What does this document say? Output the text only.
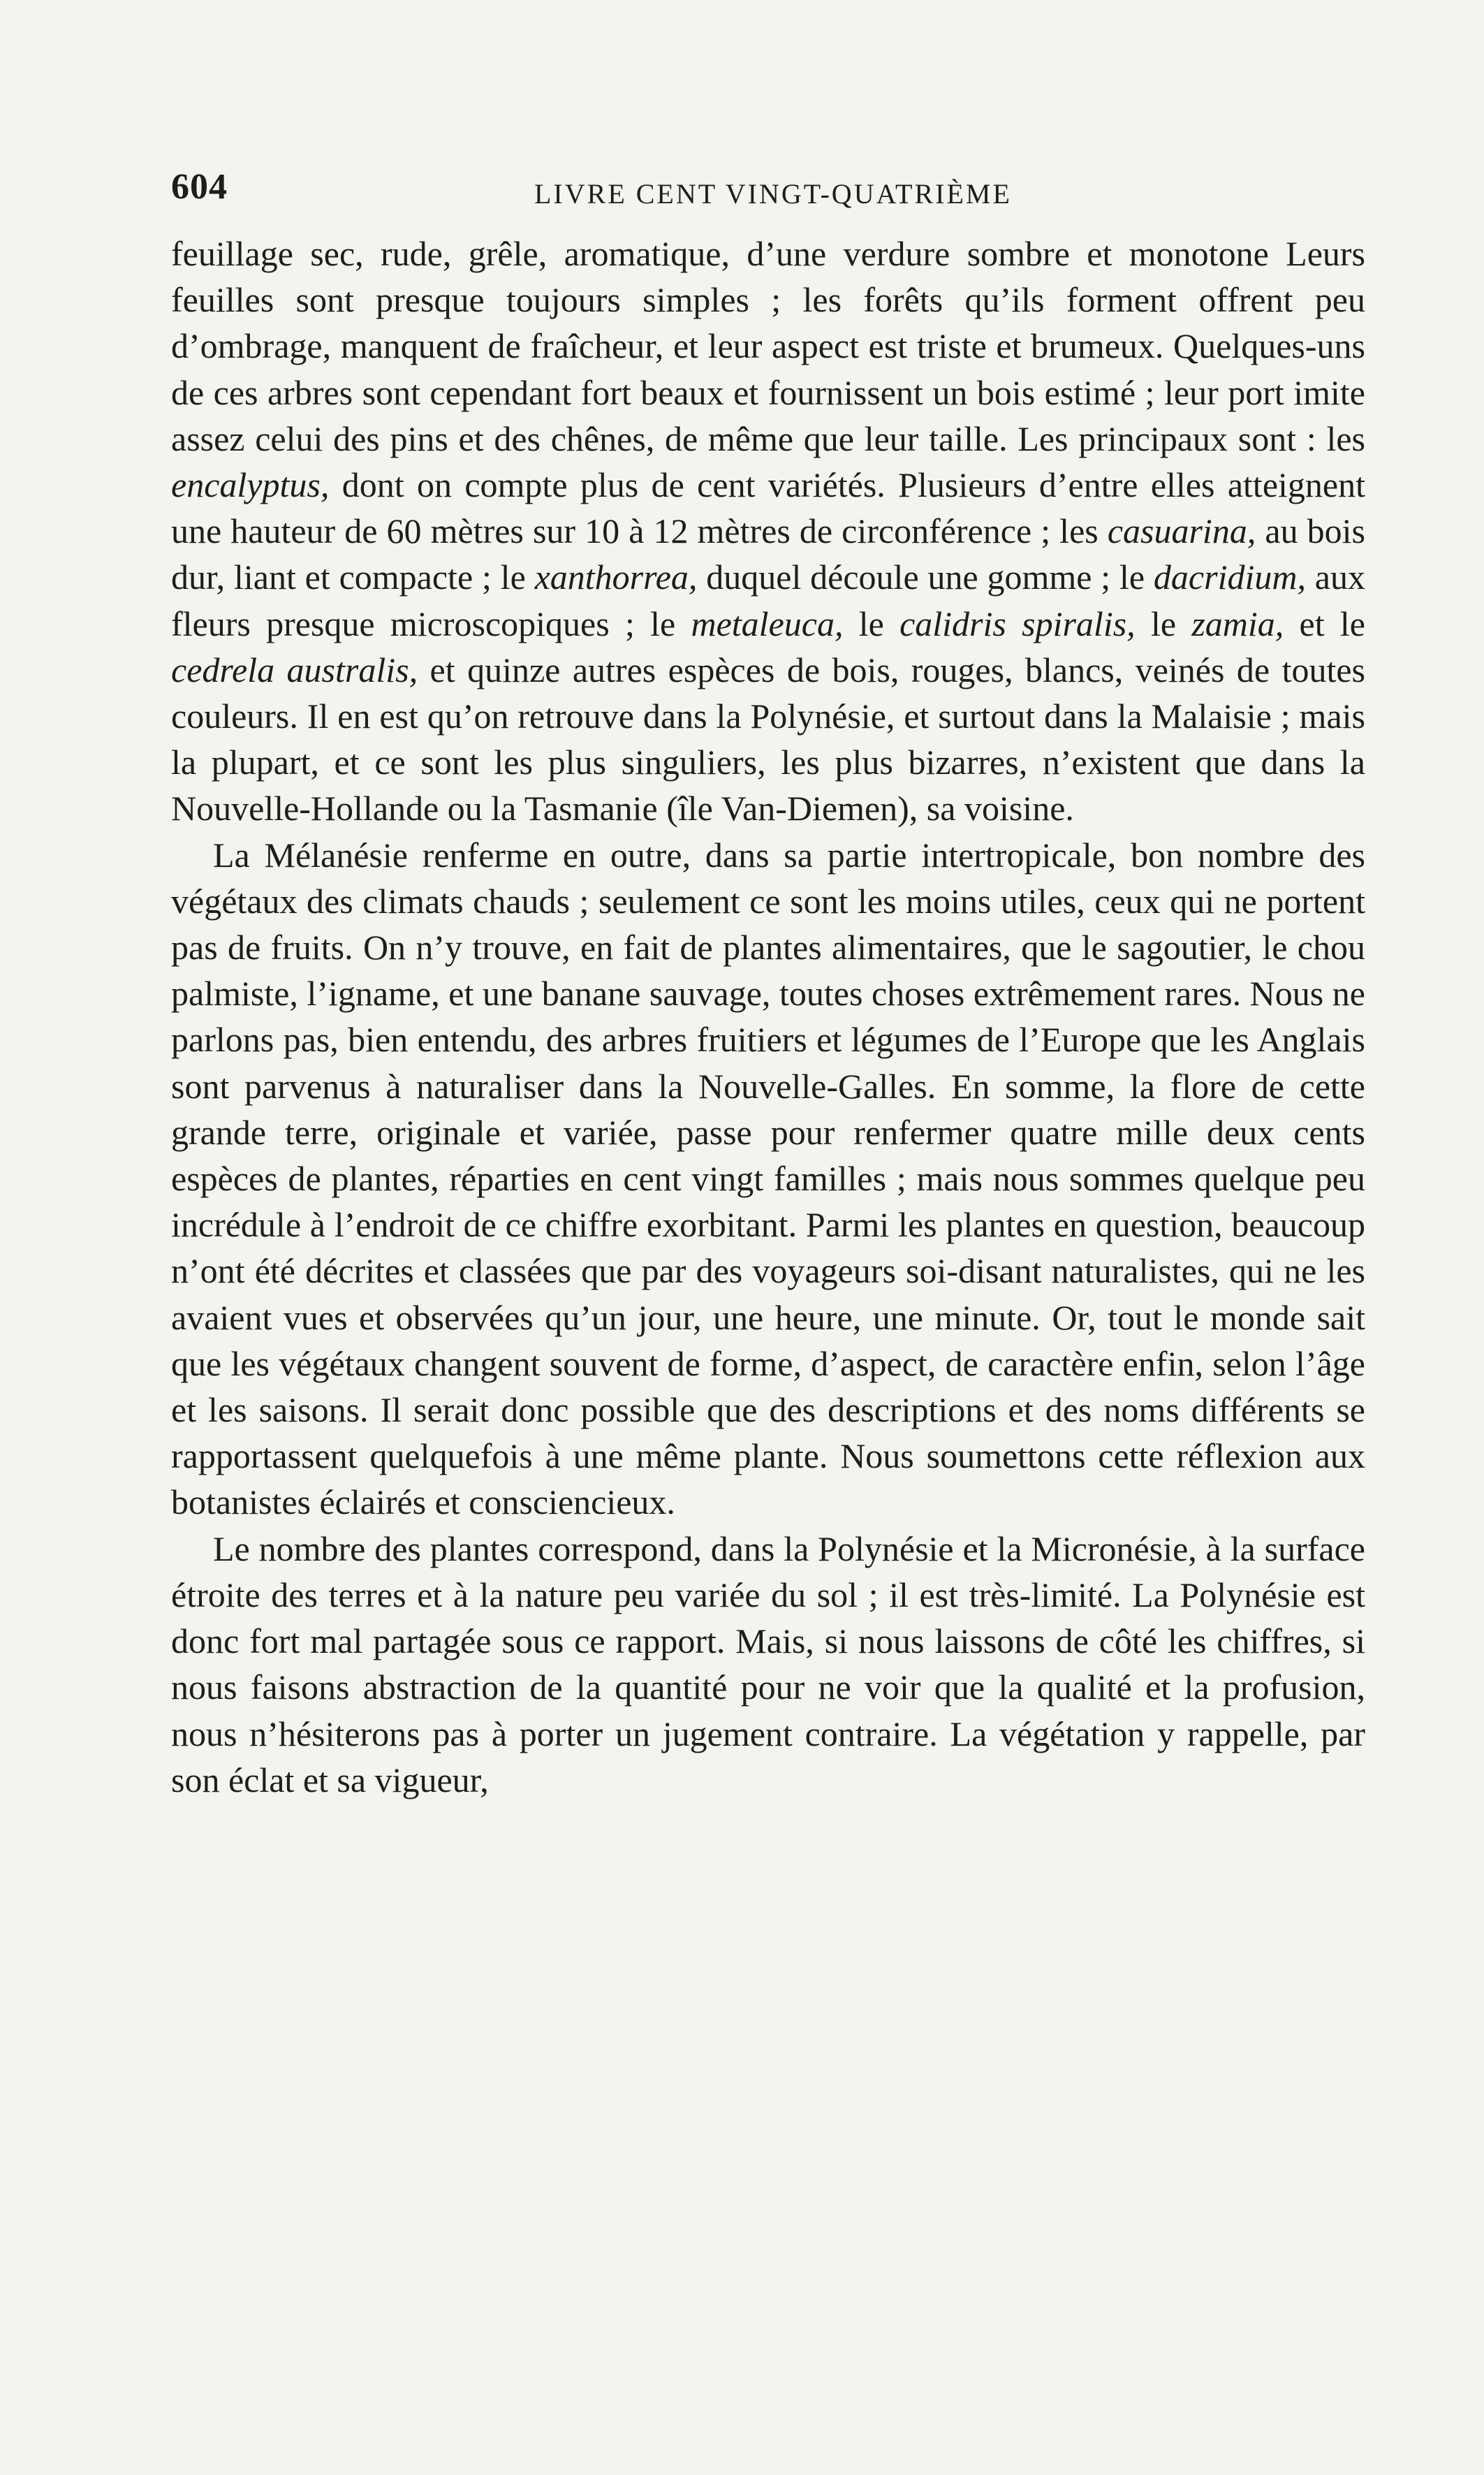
604	LIVRE CENT VINGT-QUATRIÈME

feuillage sec, rude, grêle, aromatique, d’une verdure sombre et monotone Leurs feuilles sont presque toujours simples ; les forêts qu’ils forment offrent peu d’ombrage, manquent de fraîcheur, et leur aspect est triste et brumeux. Quelques-uns de ces arbres sont cependant fort beaux et fournissent un bois estimé ; leur port imite assez celui des pins et des chênes, de même que leur taille. Les principaux sont : les encalyptus, dont on compte plus de cent variétés. Plusieurs d’entre elles atteignent une hauteur de 60 mètres sur 10 à 12 mètres de circonférence ; les casuarina, au bois dur, liant et compacte ; le xanthorrea, duquel découle une gomme ; le dacridium, aux fleurs presque microscopiques ; le metaleuca, le calidris spiralis, le zamia, et le cedrela australis, et quinze autres espèces de bois, rouges, blancs, veinés de toutes couleurs. Il en est qu’on retrouve dans la Polynésie, et surtout dans la Malaisie ; mais la plupart, et ce sont les plus singuliers, les plus bizarres, n’existent que dans la Nouvelle-Hollande ou la Tasmanie (île Van-Diemen), sa voisine.

La Mélanésie renferme en outre, dans sa partie intertropicale, bon nombre des végétaux des climats chauds ; seulement ce sont les moins utiles, ceux qui ne portent pas de fruits. On n’y trouve, en fait de plantes alimentaires, que le sagoutier, le chou palmiste, l’igname, et une banane sauvage, toutes choses extrêmement rares. Nous ne parlons pas, bien entendu, des arbres fruitiers et légumes de l’Europe que les Anglais sont parvenus à naturaliser dans la Nouvelle-Galles. En somme, la flore de cette grande terre, originale et variée, passe pour renfermer quatre mille deux cents espèces de plantes, réparties en cent vingt familles ; mais nous sommes quelque peu incrédule à l’endroit de ce chiffre exorbitant. Parmi les plantes en question, beaucoup n’ont été décrites et classées que par des voyageurs soi-disant naturalistes, qui ne les avaient vues et observées qu’un jour, une heure, une minute. Or, tout le monde sait que les végétaux changent souvent de forme, d’aspect, de caractère enfin, selon l’âge et les saisons. Il serait donc possible que des descriptions et des noms différents se rapportassent quelquefois à une même plante. Nous soumettons cette réflexion aux botanistes éclairés et consciencieux.

Le nombre des plantes correspond, dans la Polynésie et la Micronésie, à la surface étroite des terres et à la nature peu variée du sol ; il est très-limité. La Polynésie est donc fort mal partagée sous ce rapport. Mais, si nous laissons de côté les chiffres, si nous faisons abstraction de la quantité pour ne voir que la qualité et la profusion, nous n’hésiterons pas à porter un jugement contraire. La végétation y rappelle, par son éclat et sa vigueur,
